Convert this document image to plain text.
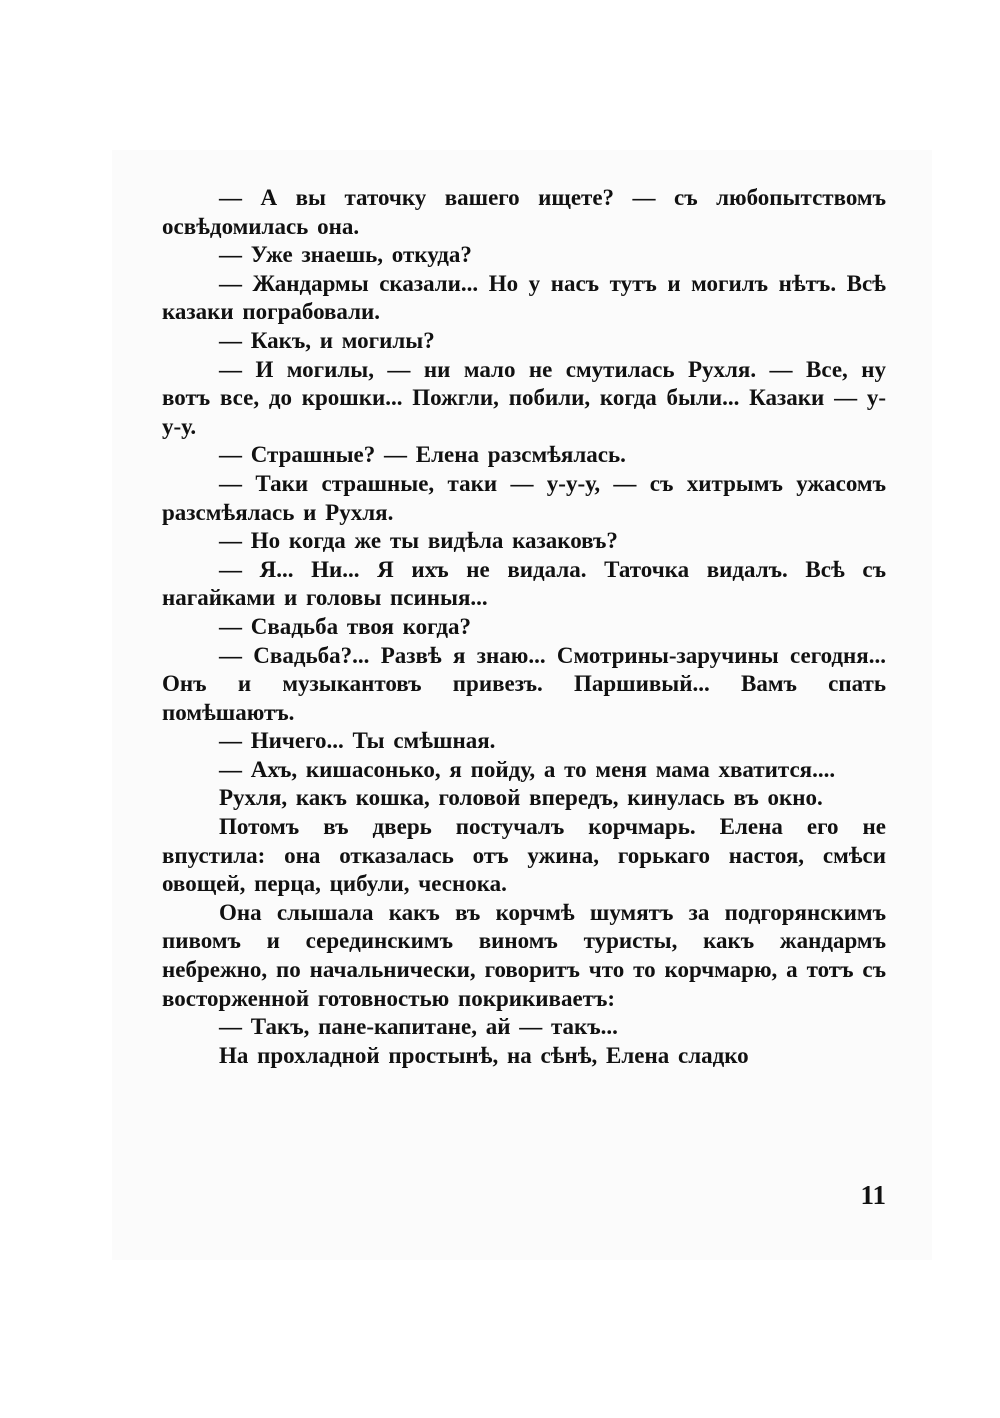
— А вы таточку вашего ищете? — съ любопытствомъ освѣдомилась она.

— Уже знаешь, откуда?

— Жандармы сказали... Но у насъ тутъ и могилъ нѣтъ. Всѣ казаки пограбовали.

— Какъ, и могилы?

— И могилы, — ни мало не смутилась Рухля. — Все, ну вотъ все, до крошки... Пожгли, побили, когда были... Казаки — у-у-у.

— Страшные? — Елена разсмѣялась.

— Таки страшные, таки — у-у-у, — съ хитрымъ ужасомъ разсмѣялась и Рухля.

— Но когда же ты видѣла казаковъ?

— Я... Ни... Я ихъ не видала. Таточка видалъ. Всѣ съ нагайками и головы псиныя...

— Свадьба твоя когда?

— Свадьба?... Развѣ я знаю... Смотрины-заручины сегодня... Онъ и музыкантовъ привезъ. Паршивый... Вамъ спать помѣшаютъ.

— Ничего... Ты смѣшная.

— Ахъ, кишасонько, я пойду, а то меня мама хватится....

Рухля, какъ кошка, головой впередъ, кинулась въ окно.

Потомъ въ дверь постучалъ корчмарь. Елена его не впустила: она отказалась отъ ужина, горькаго настоя, смѣси овощей, перца, цибули, чеснока.

Она слышала какъ въ корчмѣ шумятъ за подгорянскимъ пивомъ и серединскимъ виномъ туристы, какъ жандармъ небрежно, по начальнически, говоритъ что то корчмарю, а тотъ съ восторженной готовностью покрикиваетъ:

— Такъ, пане-капитане, ай — такъ...

На прохладной простынѣ, на сѣнѣ, Елена сладко

11
